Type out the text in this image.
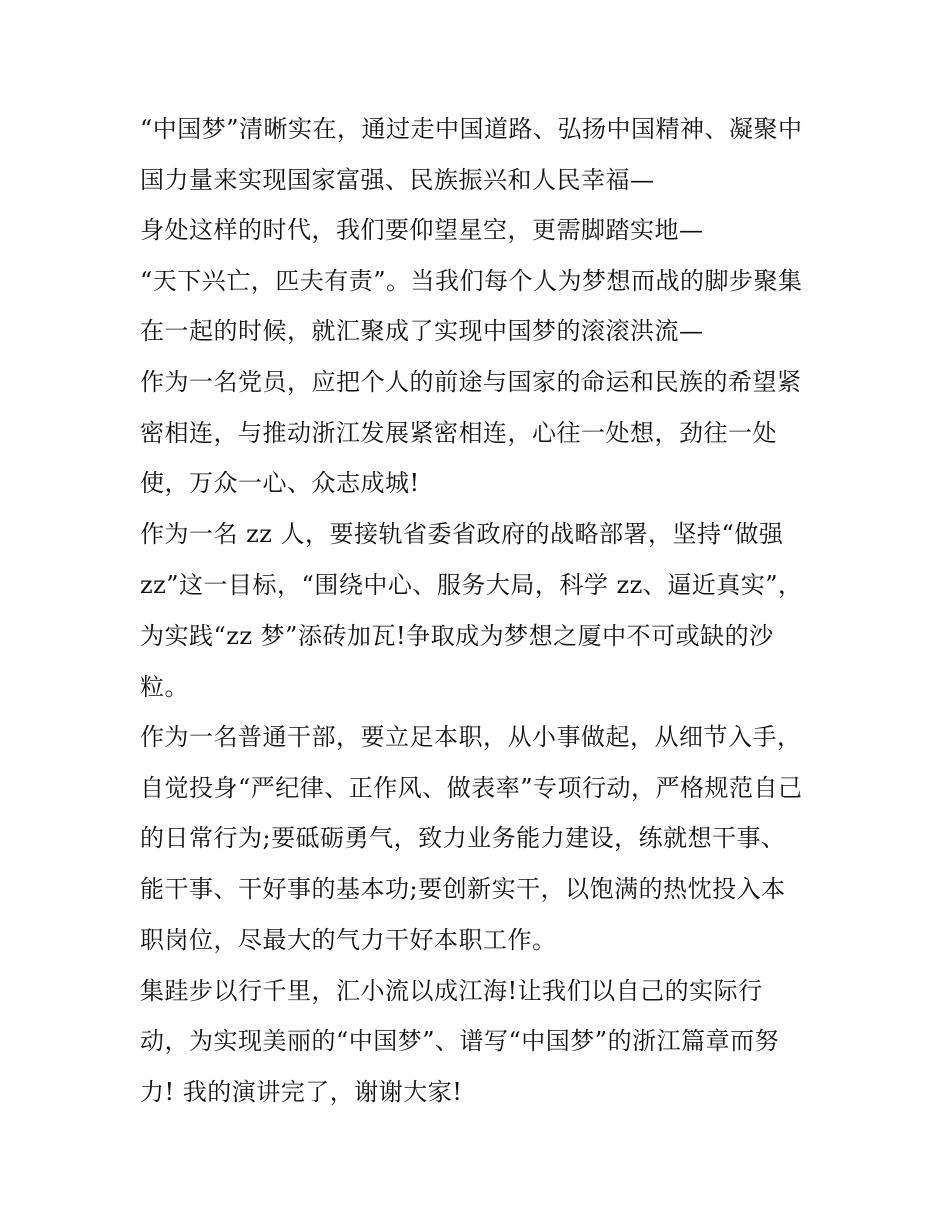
“中国梦”清晰实在，通过走中国道路、弘扬中国精神、凝聚中

国力量来实现国家富强、民族振兴和人民幸福—

身处这样的时代，我们要仰望星空，更需脚踏实地—

“天下兴亡，匹夫有责”。当我们每个人为梦想而战的脚步聚集

在一起的时候，就汇聚成了实现中国梦的滚滚洪流—

作为一名党员，应把个人的前途与国家的命运和民族的希望紧

密相连，与推动浙江发展紧密相连，心往一处想，劲往一处

使，万众一心、众志成城!

作为一名 zz 人，要接轨省委省政府的战略部署，坚持“做强

zz”这一目标，“围绕中心、服务大局，科学 zz、逼近真实”，

为实践“zz 梦”添砖加瓦!争取成为梦想之厦中不可或缺的沙

粒。

作为一名普通干部，要立足本职，从小事做起，从细节入手，

自觉投身“严纪律、正作风、做表率”专项行动，严格规范自己

的日常行为;要砥砺勇气，致力业务能力建设，练就想干事、

能干事、干好事的基本功;要创新实干，以饱满的热忱投入本

职岗位，尽最大的气力干好本职工作。

集跬步以行千里，汇小流以成江海!让我们以自己的实际行

动，为实现美丽的“中国梦”、谱写“中国梦”的浙江篇章而努

力! 我的演讲完了，谢谢大家!
